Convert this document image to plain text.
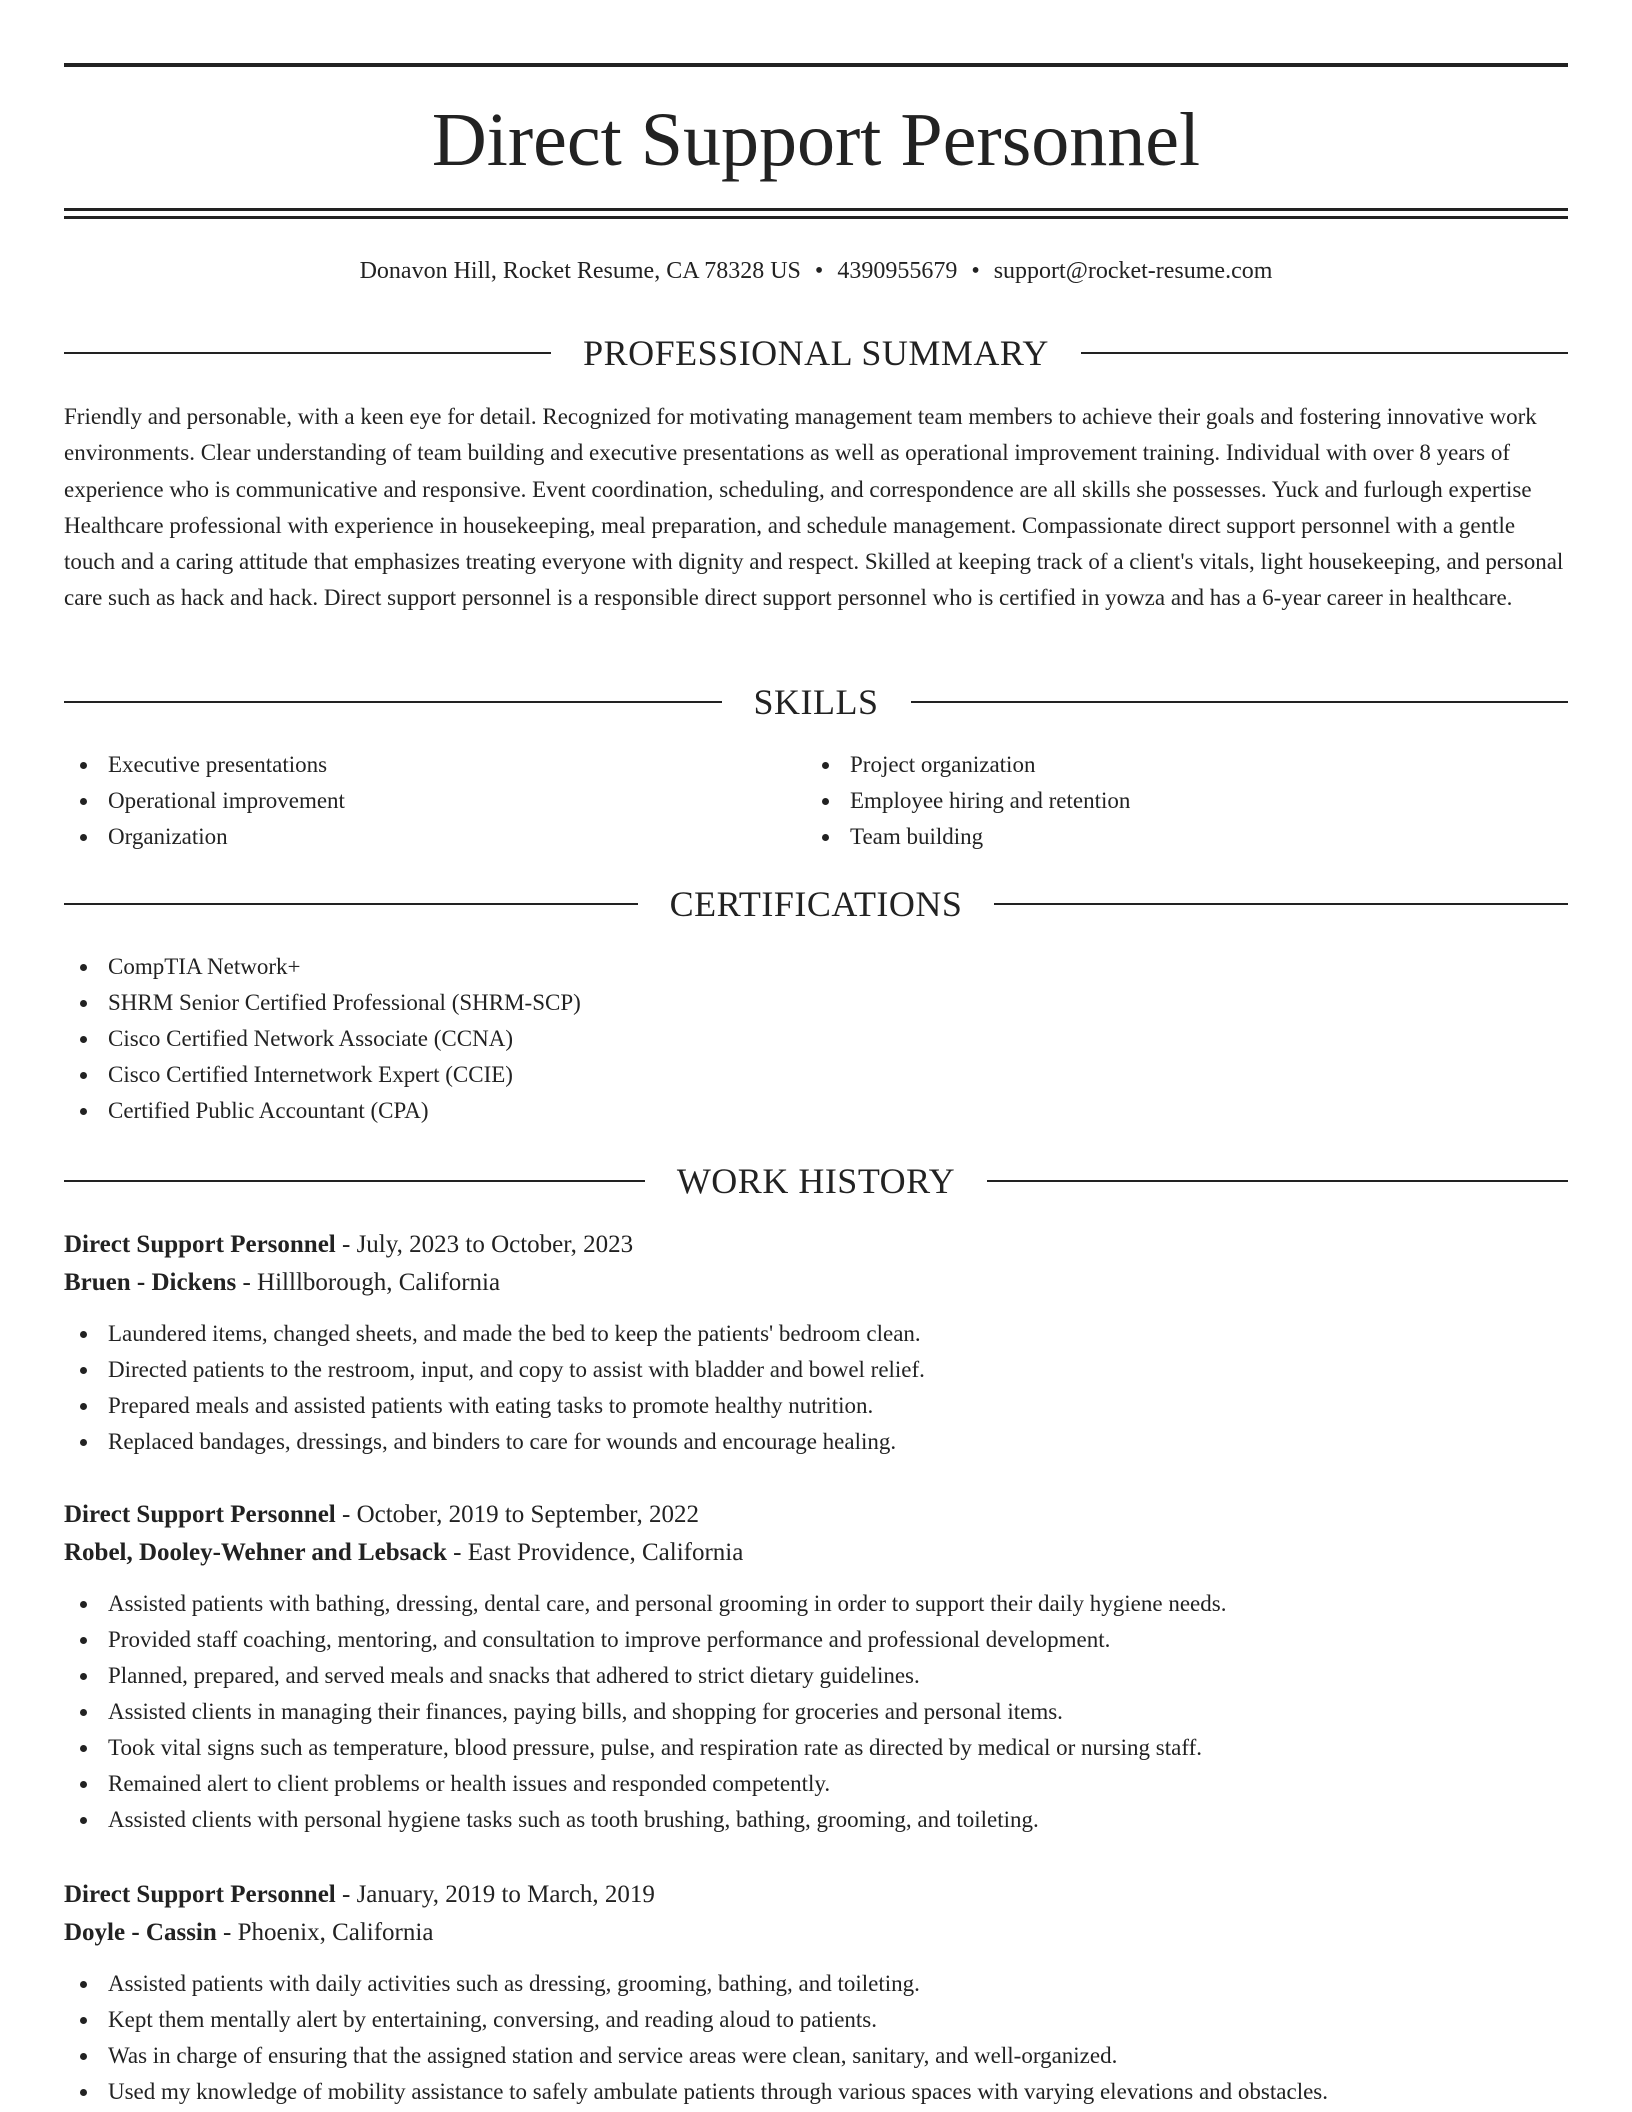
Direct Support Personnel
Donavon Hill, Rocket Resume, CA 78328 US • 4390955679 • support@rocket-resume.com
PROFESSIONAL SUMMARY

Friendly and personable, with a keen eye for detail. Recognized for motivating management team members to achieve their goals and fostering innovative work environments. Clear understanding of team building and executive presentations as well as operational improvement training. Individual with over 8 years of experience who is communicative and responsive. Event coordination, scheduling, and correspondence are all skills she possesses. Yuck and furlough expertise Healthcare professional with experience in housekeeping, meal preparation, and schedule management. Compassionate direct support personnel with a gentle touch and a caring attitude that emphasizes treating everyone with dignity and respect. Skilled at keeping track of a client's vitals, light housekeeping, and personal care such as hack and hack. Direct support personnel is a responsible direct support personnel who is certified in yowza and has a 6-year career in healthcare.

SKILLS
Executive presentations
Operational improvement
Organization
Project organization
Employee hiring and retention
Team building
CERTIFICATIONS
CompTIA Network+
SHRM Senior Certified Professional (SHRM-SCP)
Cisco Certified Network Associate (CCNA)
Cisco Certified Internetwork Expert (CCIE)
Certified Public Accountant (CPA)
WORK HISTORY
Direct Support Personnel - July, 2023 to October, 2023
Bruen - Dickens - Hilllborough, California
Laundered items, changed sheets, and made the bed to keep the patients' bedroom clean.
Directed patients to the restroom, input, and copy to assist with bladder and bowel relief.
Prepared meals and assisted patients with eating tasks to promote healthy nutrition.
Replaced bandages, dressings, and binders to care for wounds and encourage healing.
Direct Support Personnel - October, 2019 to September, 2022
Robel, Dooley-Wehner and Lebsack - East Providence, California
Assisted patients with bathing, dressing, dental care, and personal grooming in order to support their daily hygiene needs.
Provided staff coaching, mentoring, and consultation to improve performance and professional development.
Planned, prepared, and served meals and snacks that adhered to strict dietary guidelines.
Assisted clients in managing their finances, paying bills, and shopping for groceries and personal items.
Took vital signs such as temperature, blood pressure, pulse, and respiration rate as directed by medical or nursing staff.
Remained alert to client problems or health issues and responded competently.
Assisted clients with personal hygiene tasks such as tooth brushing, bathing, grooming, and toileting.
Direct Support Personnel - January, 2019 to March, 2019
Doyle - Cassin - Phoenix, California
Assisted patients with daily activities such as dressing, grooming, bathing, and toileting.
Kept them mentally alert by entertaining, conversing, and reading aloud to patients.
Was in charge of ensuring that the assigned station and service areas were clean, sanitary, and well-organized.
Used my knowledge of mobility assistance to safely ambulate patients through various spaces with varying elevations and obstacles.
